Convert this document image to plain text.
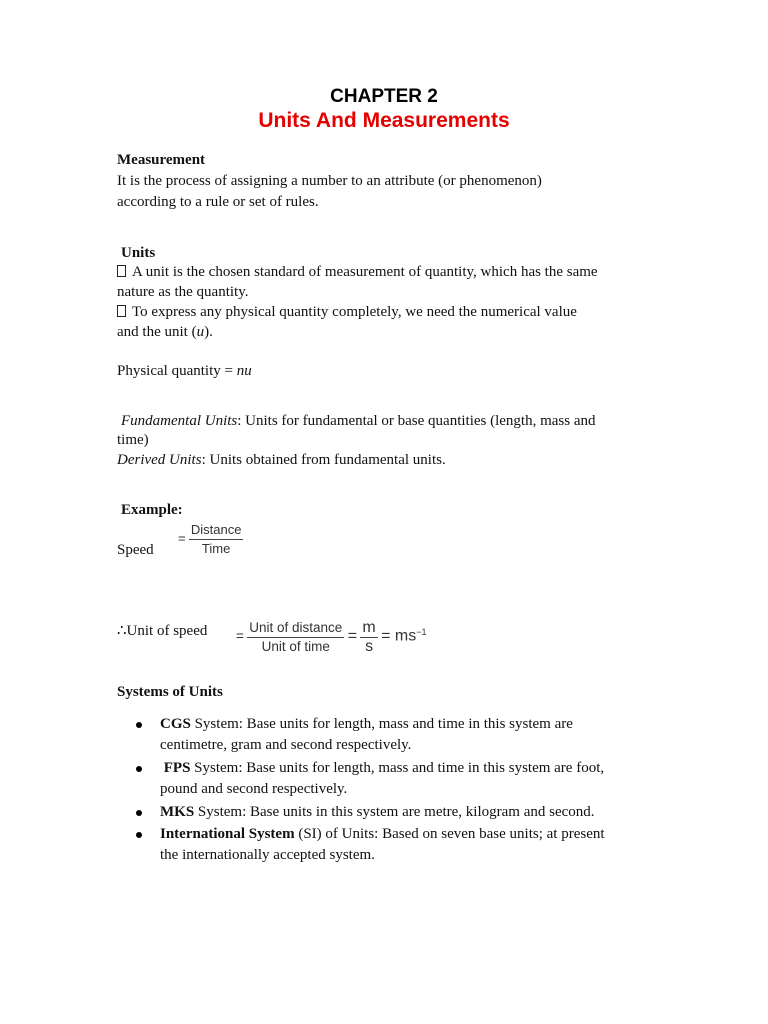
CHAPTER 2
Units And Measurements
Measurement
It is the process of assigning a number to an attribute (or phenomenon)
according to a rule or set of rules.
Units
A unit is the chosen standard of measurement of quantity, which has the same
nature as the quantity.
To express any physical quantity completely, we need the numerical value
and the unit (u).
Physical quantity = nu
Fundamental Units: Units for fundamental or base quantities (length, mass and
time)
Derived Units: Units obtained from fundamental units.
Example:
Speed
= $\frac{\text{Distance}}{\text{Time}}$
∴Unit of speed = $\frac{\text{Unit of distance}}{\text{Unit of time}} = \frac{m}{s} = ms^{-1}$
Systems of Units
CGS System: Base units for length, mass and time in this system are
centimetre, gram and second respectively.
FPS System: Base units for length, mass and time in this system are foot,
pound and second respectively.
MKS System: Base units in this system are metre, kilogram and second.
International System (SI) of Units: Based on seven base units; at present
the internationally accepted system.
